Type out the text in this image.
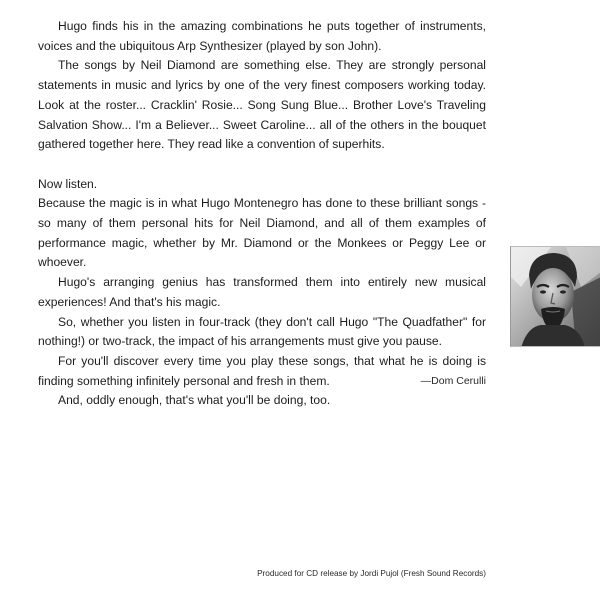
Hugo finds his in the amazing combinations he puts together of instruments, voices and the ubiquitous Arp Synthesizer (played by son John).

The songs by Neil Diamond are something else. They are strongly personal statements in music and lyrics by one of the very finest composers working today. Look at the roster... Cracklin' Rosie... Song Sung Blue... Brother Love's Traveling Salvation Show... I'm a Believer... Sweet Caroline... all of the others in the bouquet gathered together here. They read like a convention of superhits.

Now listen.

Because the magic is in what Hugo Montenegro has done to these brilliant songs - so many of them personal hits for Neil Diamond, and all of them examples of performance magic, whether by Mr. Diamond or the Monkees or Peggy Lee or whoever.

Hugo's arranging genius has transformed them into entirely new musical experiences! And that's his magic.

So, whether you listen in four-track (they don't call Hugo "The Quadfather" for nothing!) or two-track, the impact of his arrangements must give you pause.

For you'll discover every time you play these songs, that what he is doing is finding something infinitely personal and fresh in them.

And, oddly enough, that's what you'll be doing, too.

—Dom Cerulli
Produced for CD release by Jordi Pujol (Fresh Sound Records)
